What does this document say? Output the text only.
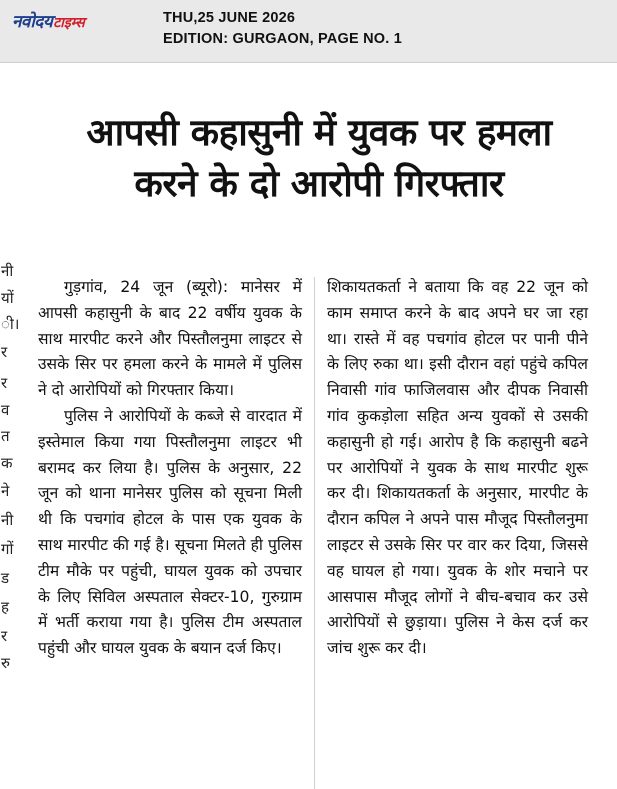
नवोदय टाइम्स	THU,25 JUNE 2026
EDITION: GURGAON, PAGE NO. 1
नी
यों
ी।
र
र
व
त
क
ने
नी
गों
ड
ह
र
रु
आपसी कहासुनी में युवक पर हमला
करने के दो आरोपी गिरफ्तार

गुड़गांव, 24 जून (ब्यूरो): मानेसर में आपसी कहासुनी के बाद 22 वर्षीय युवक के साथ मारपीट करने और पिस्तौलनुमा लाइटर से उसके सिर पर हमला करने के मामले में पुलिस ने दो आरोपियों को गिरफ्तार किया।

पुलिस ने आरोपियों के कब्जे से वारदात में इस्तेमाल किया गया पिस्तौलनुमा लाइटर भी बरामद कर लिया है। पुलिस के अनुसार, 22 जून को थाना मानेसर पुलिस को सूचना मिली थी कि पचगांव होटल के पास एक युवक के साथ मारपीट की गई है। सूचना मिलते ही पुलिस टीम मौके पर पहुंची, घायल युवक को उपचार के लिए सिविल अस्पताल सेक्टर-10, गुरुग्राम में भर्ती कराया गया है। पुलिस टीम अस्पताल पहुंची और घायल युवक के बयान दर्ज किए।

शिकायतकर्ता ने बताया कि वह 22 जून को काम समाप्त करने के बाद अपने घर जा रहा था। रास्ते में वह पचगांव होटल पर पानी पीने के लिए रुका था। इसी दौरान वहां पहुंचे कपिल निवासी गांव फाजिलवास और दीपक निवासी गांव कुकड़ोला सहित अन्य युवकों से उसकी कहासुनी हो गई। आरोप है कि कहासुनी बढने पर आरोपियों ने युवक के साथ मारपीट शुरू कर दी। शिकायतकर्ता के अनुसार, मारपीट के दौरान कपिल ने अपने पास मौजूद पिस्तौलनुमा लाइटर से उसके सिर पर वार कर दिया, जिससे वह घायल हो गया। युवक के शोर मचाने पर आसपास मौजूद लोगों ने बीच-बचाव कर उसे आरोपियों से छुड़ाया। पुलिस ने केस दर्ज कर जांच शुरू कर दी।
